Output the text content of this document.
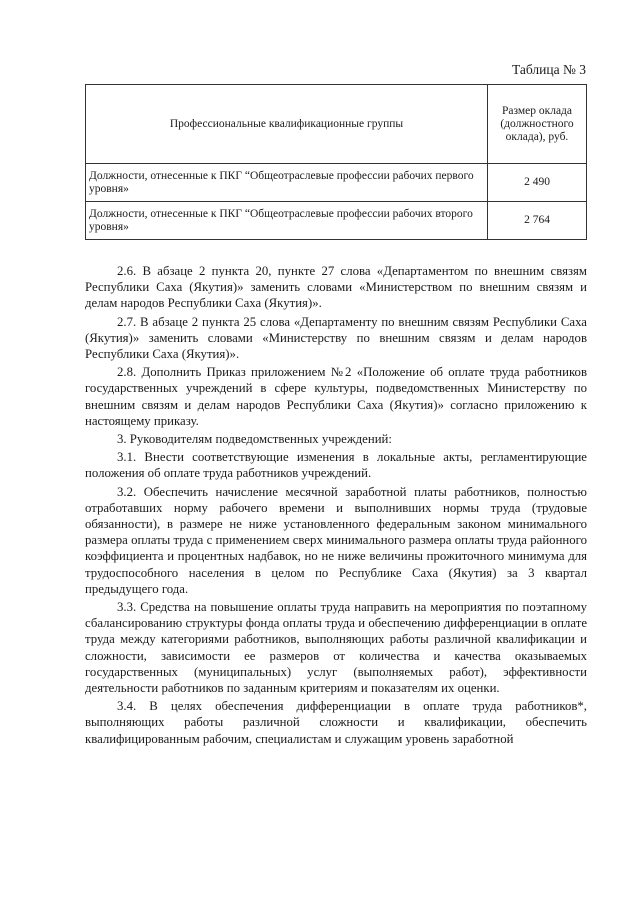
Таблица № 3
Профессиональные квалификационные группы	Размер оклада (должностного оклада), руб.
Должности, отнесенные к ПКГ “Общеотраслевые профессии рабочих первого уровня»	2 490
Должности, отнесенные к ПКГ “Общеотраслевые профессии рабочих второго уровня»	2 764

2.6. В абзаце 2 пункта 20, пункте 27 слова «Департаментом по внешним связям Республики Саха (Якутия)» заменить словами «Министерством по внешним связям и делам народов Республики Саха (Якутия)».

2.7. В абзаце 2 пункта 25 слова «Департаменту по внешним связям Республики Саха (Якутия)» заменить словами «Министерству по внешним связям и делам народов Республики Саха (Якутия)».

2.8. Дополнить Приказ приложением №2 «Положение об оплате труда работников государственных учреждений в сфере культуры, подведомственных Министерству по внешним связям и делам народов Республики Саха (Якутия)» согласно приложению к настоящему приказу.

3. Руководителям подведомственных учреждений:

3.1. Внести соответствующие изменения в локальные акты, регламентирующие положения об оплате труда работников учреждений.

3.2. Обеспечить начисление месячной заработной платы работников, полностью отработавших норму рабочего времени и выполнивших нормы труда (трудовые обязанности), в размере не ниже установленного федеральным законом минимального размера оплаты труда с применением сверх минимального размера оплаты труда районного коэффициента и процентных надбавок, но не ниже величины прожиточного минимума для трудоспособного населения в целом по Республике Саха (Якутия) за 3 квартал предыдущего года.

3.3. Средства на повышение оплаты труда направить на мероприятия по поэтапному сбалансированию структуры фонда оплаты труда и обеспечению дифференциации в оплате труда между категориями работников, выполняющих работы различной квалификации и сложности, зависимости ее размеров от количества и качества оказываемых государственных (муниципальных) услуг (выполняемых работ), эффективности деятельности работников по заданным критериям и показателям их оценки.

3.4. В целях обеспечения дифференциации в оплате труда работников*, выполняющих работы различной сложности и квалификации, обеспечить квалифицированным рабочим, специалистам и служащим уровень заработной
